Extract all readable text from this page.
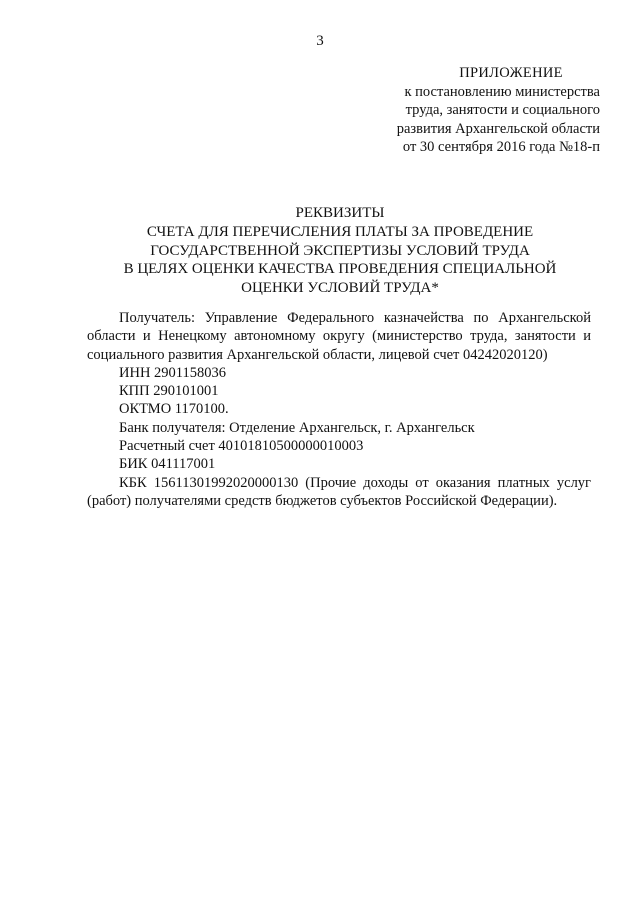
3
ПРИЛОЖЕНИЕ
к постановлению министерства
труда, занятости и социального
развития Архангельской области
от 30 сентября 2016 года №18-п
РЕКВИЗИТЫ
СЧЕТА ДЛЯ ПЕРЕЧИСЛЕНИЯ ПЛАТЫ ЗА ПРОВЕДЕНИЕ
ГОСУДАРСТВЕННОЙ ЭКСПЕРТИЗЫ УСЛОВИЙ ТРУДА
В ЦЕЛЯХ ОЦЕНКИ КАЧЕСТВА ПРОВЕДЕНИЯ СПЕЦИАЛЬНОЙ
ОЦЕНКИ УСЛОВИЙ ТРУДА*

Получатель: Управление Федерального казначейства по Архангельской области и Ненецкому автономному округу (министерство труда, занятости и социального развития Архангельской области, лицевой счет 04242020120)

ИНН 2901158036
КПП 290101001
ОКТМО 1170100.
Банк получателя: Отделение Архангельск, г. Архангельск
Расчетный счет 40101810500000010003
БИК 041117001

КБК 15611301992020000130 (Прочие доходы от оказания платных услуг (работ) получателями средств бюджетов субъектов Российской Федерации).
